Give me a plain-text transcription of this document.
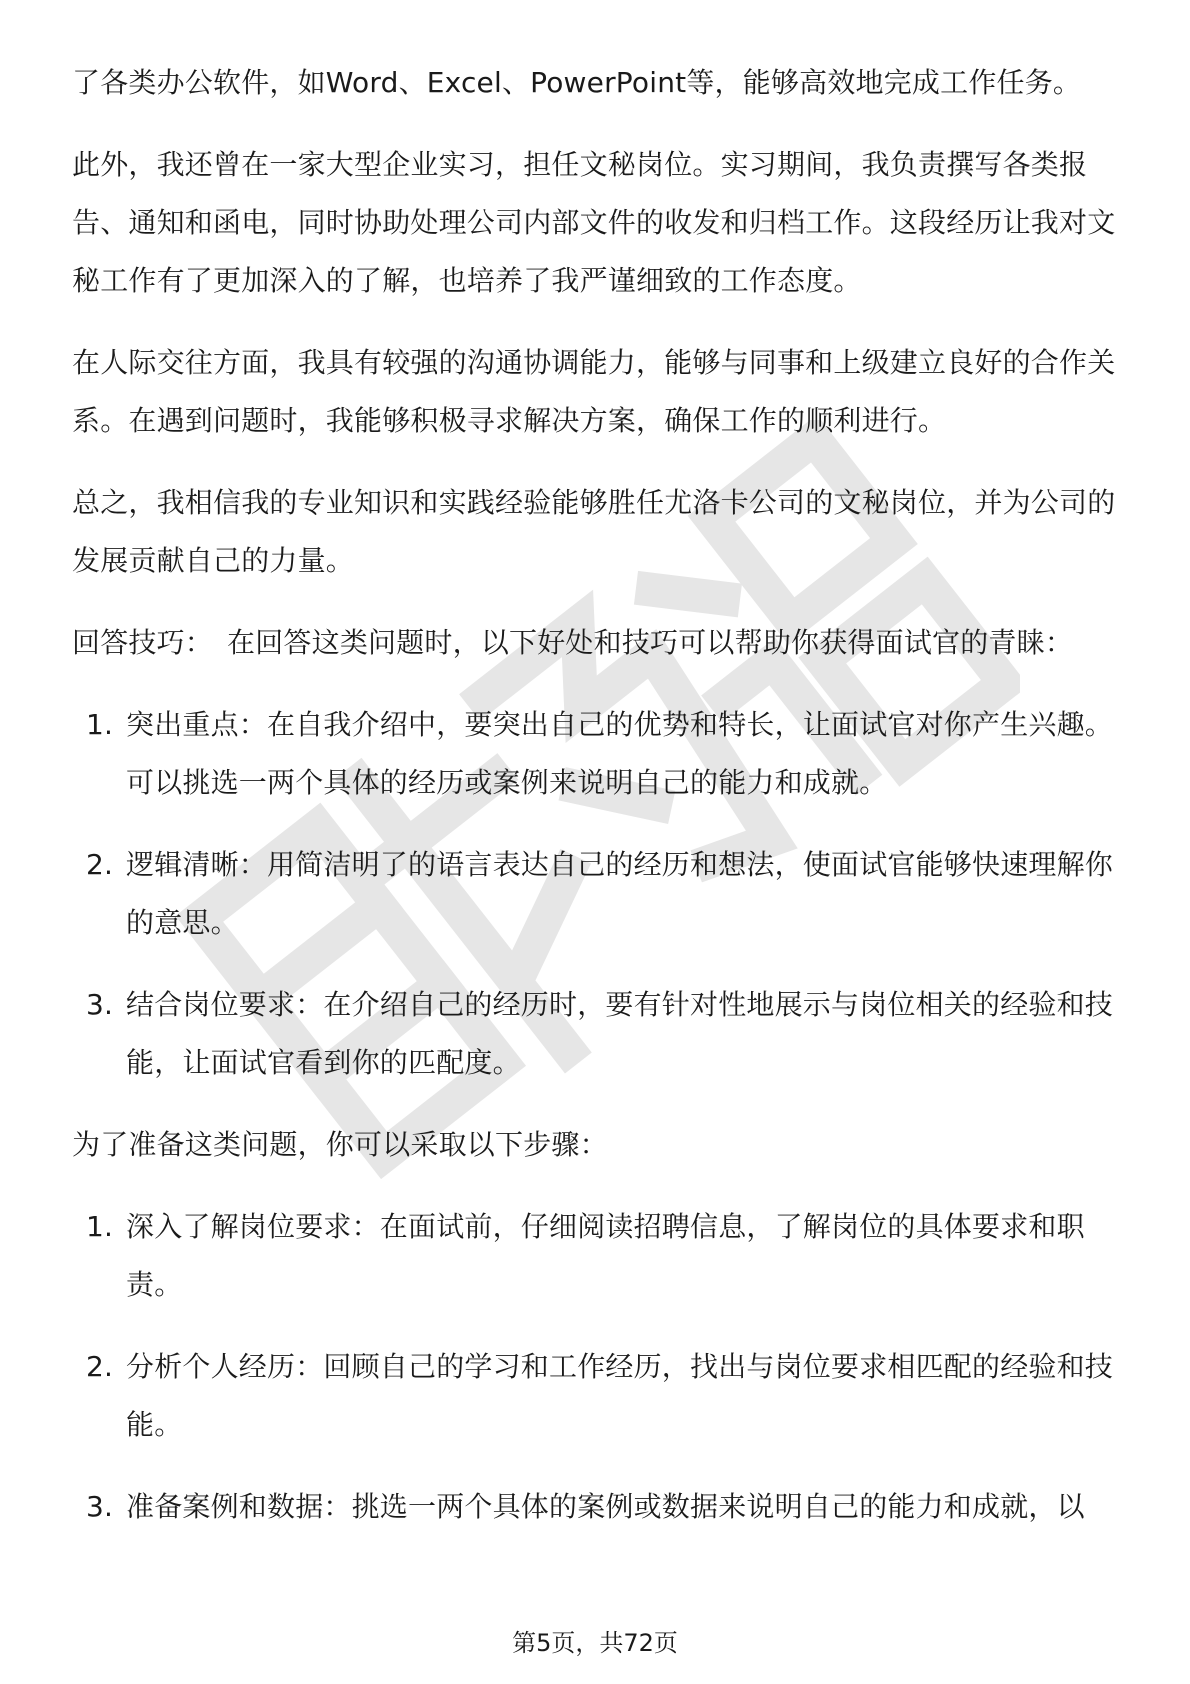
了各类办公软件，如Word、Excel、PowerPoint等，能够高效地完成工作任务。

此外，我还曾在一家大型企业实习，担任文秘岗位。实习期间，我负责撰写各类报告、通知和函电，同时协助处理公司内部文件的收发和归档工作。这段经历让我对文秘工作有了更加深入的了解，也培养了我严谨细致的工作态度。

在人际交往方面，我具有较强的沟通协调能力，能够与同事和上级建立良好的合作关系。在遇到问题时，我能够积极寻求解决方案，确保工作的顺利进行。

总之，我相信我的专业知识和实践经验能够胜任尤洛卡公司的文秘岗位，并为公司的发展贡献自己的力量。

回答技巧： 在回答这类问题时，以下好处和技巧可以帮助你获得面试官的青睐：

1. 突出重点：在自我介绍中，要突出自己的优势和特长，让面试官对你产生兴趣。可以挑选一两个具体的经历或案例来说明自己的能力和成就。
2. 逻辑清晰：用简洁明了的语言表达自己的经历和想法，使面试官能够快速理解你的意思。
3. 结合岗位要求：在介绍自己的经历时，要有针对性地展示与岗位相关的经验和技能，让面试官看到你的匹配度。

为了准备这类问题，你可以采取以下步骤：

1. 深入了解岗位要求：在面试前，仔细阅读招聘信息，了解岗位的具体要求和职责。
2. 分析个人经历：回顾自己的学习和工作经历，找出与岗位要求相匹配的经验和技能。
3. 准备案例和数据：挑选一两个具体的案例或数据来说明自己的能力和成就，以
第5页，共72页
